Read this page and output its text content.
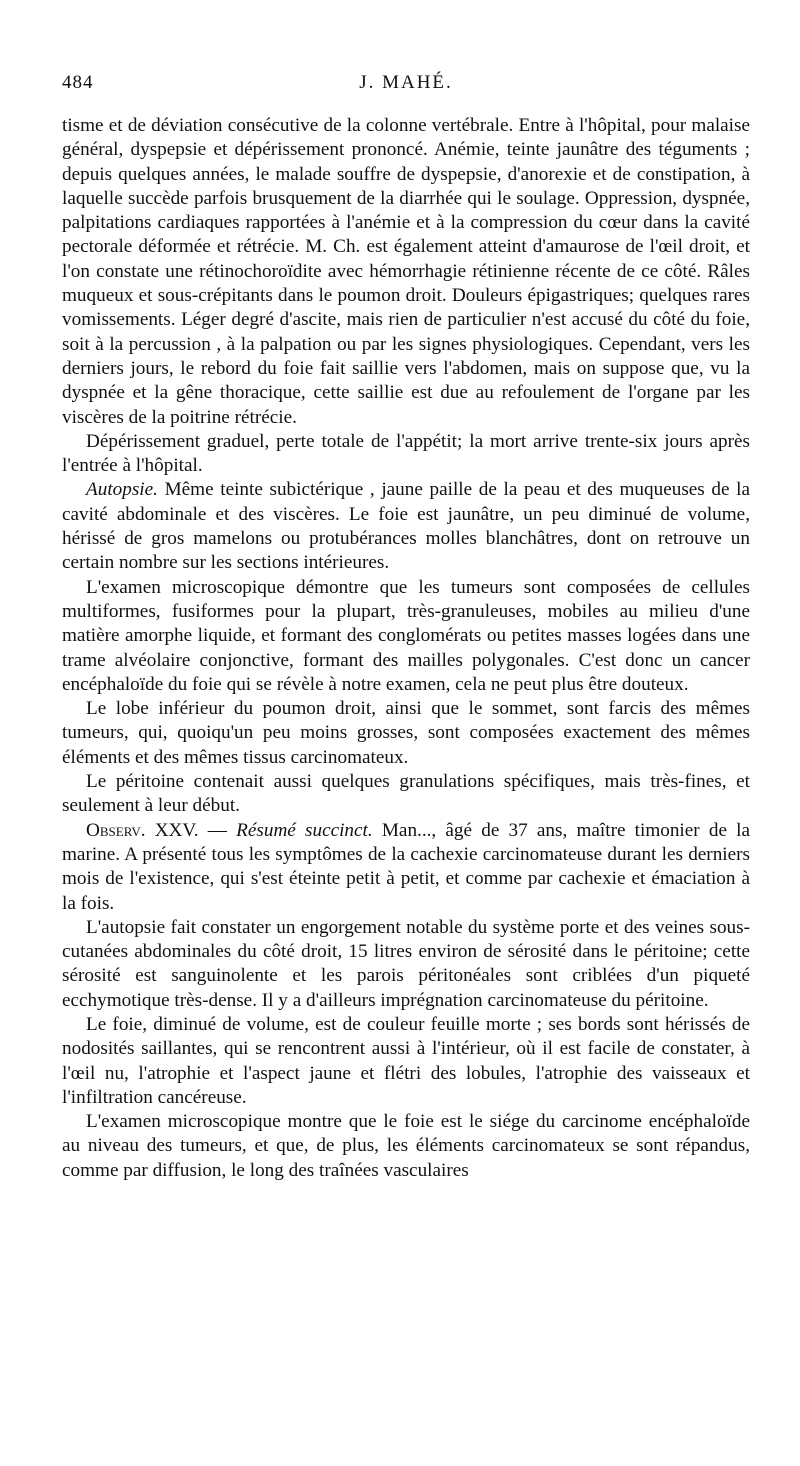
484	J. MAHÉ.

tisme et de déviation consécutive de la colonne vertébrale. Entre à l'hôpital, pour malaise général, dyspepsie et dépérissement prononcé. Anémie, teinte jaunâtre des téguments ; depuis quelques années, le malade souffre de dyspepsie, d'anorexie et de constipation, à laquelle succède parfois brusquement de la diarrhée qui le soulage. Oppression, dyspnée, palpitations cardiaques rapportées à l'anémie et à la compression du cœur dans la cavité pectorale déformée et rétrécie. M. Ch. est également atteint d'amaurose de l'œil droit, et l'on constate une rétinochoroïdite avec hémorrhagie rétinienne récente de ce côté. Râles muqueux et sous-crépitants dans le poumon droit. Douleurs épigastriques; quelques rares vomissements. Léger degré d'ascite, mais rien de particulier n'est accusé du côté du foie, soit à la percussion , à la palpation ou par les signes physiologiques. Cependant, vers les derniers jours, le rebord du foie fait saillie vers l'abdomen, mais on suppose que, vu la dyspnée et la gêne thoracique, cette saillie est due au refoulement de l'organe par les viscères de la poitrine rétrécie.

Dépérissement graduel, perte totale de l'appétit; la mort arrive trente-six jours après l'entrée à l'hôpital.

Autopsie. Même teinte subictérique , jaune paille de la peau et des muqueuses de la cavité abdominale et des viscères. Le foie est jaunâtre, un peu diminué de volume, hérissé de gros mamelons ou protubérances molles blanchâtres, dont on retrouve un certain nombre sur les sections intérieures.

L'examen microscopique démontre que les tumeurs sont composées de cellules multiformes, fusiformes pour la plupart, très-granuleuses, mobiles au milieu d'une matière amorphe liquide, et formant des conglomérats ou petites masses logées dans une trame alvéolaire conjonctive, formant des mailles polygonales. C'est donc un cancer encéphaloïde du foie qui se révèle à notre examen, cela ne peut plus être douteux.

Le lobe inférieur du poumon droit, ainsi que le sommet, sont farcis des mêmes tumeurs, qui, quoiqu'un peu moins grosses, sont composées exactement des mêmes éléments et des mêmes tissus carcinomateux.

Le péritoine contenait aussi quelques granulations spécifiques, mais très-fines, et seulement à leur début.

Observ. XXV. — Résumé succinct. Man..., âgé de 37 ans, maître timonier de la marine. A présenté tous les symptômes de la cachexie carcinomateuse durant les derniers mois de l'existence, qui s'est éteinte petit à petit, et comme par cachexie et émaciation à la fois.

L'autopsie fait constater un engorgement notable du système porte et des veines sous-cutanées abdominales du côté droit, 15 litres environ de sérosité dans le péritoine; cette sérosité est sanguinolente et les parois péritonéales sont criblées d'un piqueté ecchymotique très-dense. Il y a d'ailleurs imprégnation carcinomateuse du péritoine.

Le foie, diminué de volume, est de couleur feuille morte ; ses bords sont hérissés de nodosités saillantes, qui se rencontrent aussi à l'intérieur, où il est facile de constater, à l'œil nu, l'atrophie et l'aspect jaune et flétri des lobules, l'atrophie des vaisseaux et l'infiltration cancéreuse.

L'examen microscopique montre que le foie est le siége du carcinome encéphaloïde au niveau des tumeurs, et que, de plus, les éléments carcinomateux se sont répandus, comme par diffusion, le long des traînées vasculaires
